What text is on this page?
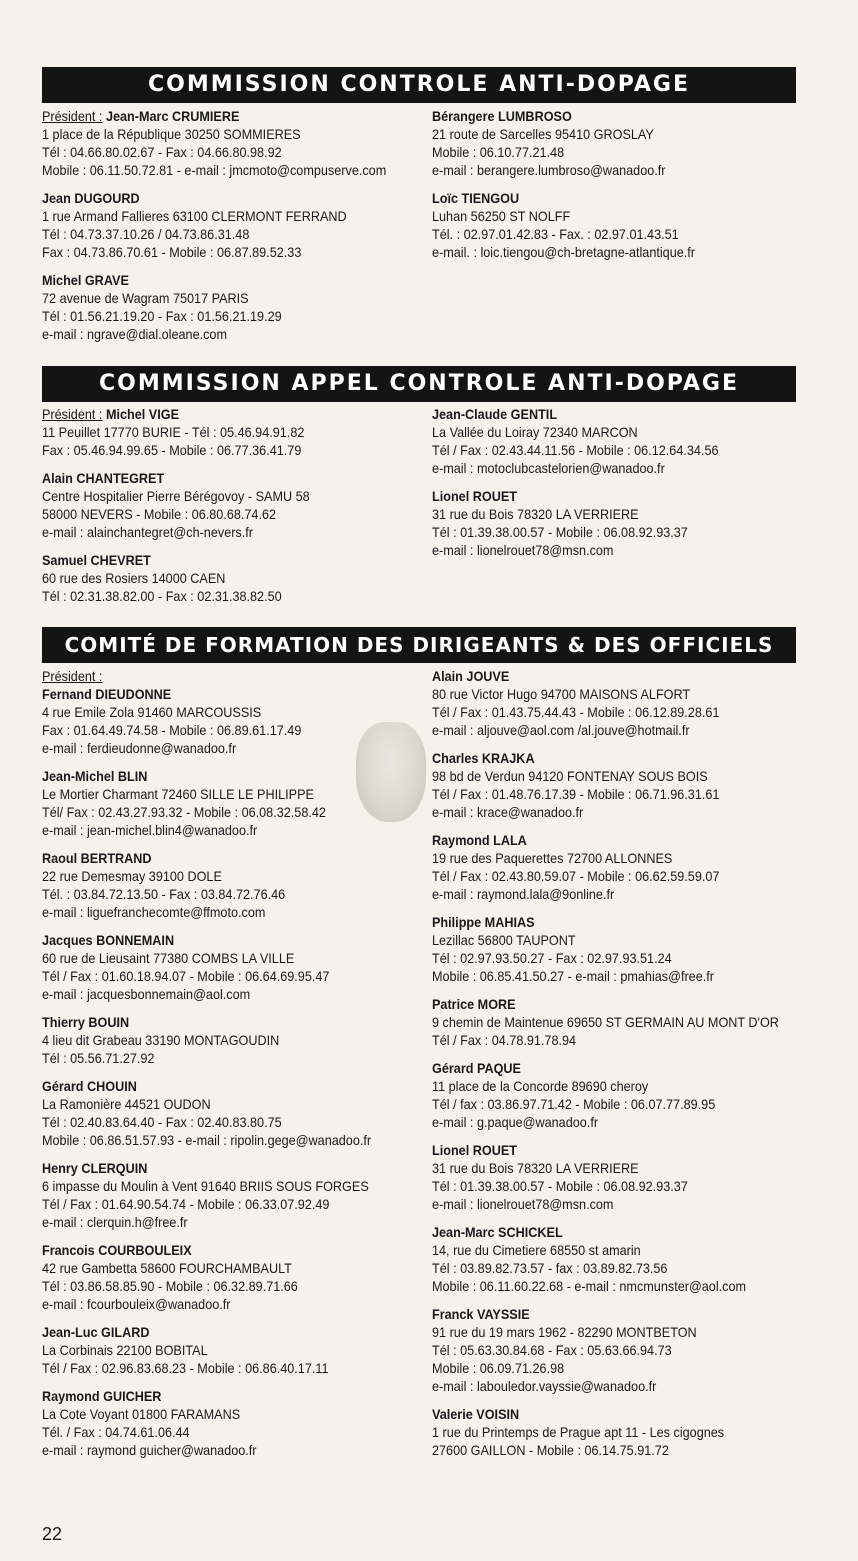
COMMISSION CONTROLE ANTI-DOPAGE
COMMISSION APPEL CONTROLE ANTI-DOPAGE
COMITÉ DE FORMATION DES DIRIGEANTS & DES OFFICIELS
Président : Jean-Marc CRUMIERE
1 place de la République 30250 SOMMIERES
Tél : 04.66.80.02.67 - Fax : 04.66.80.98.92
Mobile : 06.11.50.72.81 - e-mail : jmcmoto@compuserve.com
Jean DUGOURD
1 rue Armand Fallieres 63100 CLERMONT FERRAND
Tél : 04.73.37.10.26 / 04.73.86.31.48
Fax : 04.73.86.70.61 - Mobile : 06.87.89.52.33
Michel GRAVE
72 avenue de Wagram 75017 PARIS
Tél : 01.56.21.19.20 - Fax : 01.56.21.19.29
e-mail : ngrave@dial.oleane.com
Bérangere LUMBROSO
21 route de Sarcelles 95410 GROSLAY
Mobile : 06.10.77.21.48
e-mail : berangere.lumbroso@wanadoo.fr
Loïc TIENGOU
Luhan 56250 ST NOLFF
Tél. : 02.97.01.42.83 - Fax. : 02.97.01.43.51
e-mail. : loic.tiengou@ch-bretagne-atlantique.fr
Président : Michel VIGE
11 Peuillet 17770 BURIE - Tél : 05.46.94.91.82
Fax : 05.46.94.99.65 - Mobile : 06.77.36.41.79
Alain CHANTEGRET
Centre Hospitalier Pierre Bérégovoy - SAMU 58
58000 NEVERS - Mobile : 06.80.68.74.62
e-mail : alainchantegret@ch-nevers.fr
Samuel CHEVRET
60 rue des Rosiers 14000 CAEN
Tél : 02.31.38.82.00 - Fax : 02.31.38.82.50
Jean-Claude GENTIL
La Vallée du Loiray 72340 MARCON
Tél / Fax : 02.43.44.11.56 - Mobile : 06.12.64.34.56
e-mail : motoclubcastelorien@wanadoo.fr
Lionel ROUET
31 rue du Bois 78320 LA VERRIERE
Tél : 01.39.38.00.57 - Mobile : 06.08.92.93.37
e-mail : lionelrouet78@msn.com
Président :
Fernand DIEUDONNE
4 rue Emile Zola 91460 MARCOUSSIS
Fax : 01.64.49.74.58 - Mobile : 06.89.61.17.49
e-mail : ferdieudonne@wanadoo.fr
Jean-Michel BLIN
Le Mortier Charmant 72460 SILLE LE PHILIPPE
Tél/ Fax : 02.43.27.93.32 - Mobile : 06.08.32.58.42
e-mail : jean-michel.blin4@wanadoo.fr
Raoul BERTRAND
22 rue Demesmay 39100 DOLE
Tél. : 03.84.72.13.50 - Fax : 03.84.72.76.46
e-mail : liguefranchecomte@ffmoto.com
Jacques BONNEMAIN
60 rue de Lieusaint 77380 COMBS LA VILLE
Tél / Fax : 01.60.18.94.07 - Mobile : 06.64.69.95.47
e-mail : jacquesbonnemain@aol.com
Thierry BOUIN
4 lieu dit Grabeau 33190 MONTAGOUDIN
Tél : 05.56.71.27.92
Gérard CHOUIN
La Ramonière 44521 OUDON
Tél : 02.40.83.64.40 - Fax : 02.40.83.80.75
Mobile : 06.86.51.57.93 - e-mail : ripolin.gege@wanadoo.fr
Henry CLERQUIN
6 impasse du Moulin à Vent 91640 BRIIS SOUS FORGES
Tél / Fax : 01.64.90.54.74 - Mobile : 06.33.07.92.49
e-mail : clerquin.h@free.fr
Francois COURBOULEIX
42 rue Gambetta 58600 FOURCHAMBAULT
Tél : 03.86.58.85.90 - Mobile : 06.32.89.71.66
e-mail : fcourbouleix@wanadoo.fr
Jean-Luc GILARD
La Corbinais 22100 BOBITAL
Tél / Fax : 02.96.83.68.23 - Mobile : 06.86.40.17.11
Raymond GUICHER
La Cote Voyant 01800 FARAMANS
Tél. / Fax : 04.74.61.06.44
e-mail : raymond guicher@wanadoo.fr
Alain JOUVE
80 rue Victor Hugo 94700 MAISONS ALFORT
Tél / Fax : 01.43.75.44.43 - Mobile : 06.12.89.28.61
e-mail : aljouve@aol.com /al.jouve@hotmail.fr
Charles KRAJKA
98 bd de Verdun 94120 FONTENAY SOUS BOIS
Tél / Fax : 01.48.76.17.39 - Mobile : 06.71.96.31.61
e-mail : krace@wanadoo.fr
Raymond LALA
19 rue des Paquerettes 72700 ALLONNES
Tél / Fax : 02.43.80.59.07 - Mobile : 06.62.59.59.07
e-mail : raymond.lala@9online.fr
Philippe MAHIAS
Lezillac 56800 TAUPONT
Tél : 02.97.93.50.27 - Fax : 02.97.93.51.24
Mobile : 06.85.41.50.27 - e-mail : pmahias@free.fr
Patrice MORE
9 chemin de Maintenue 69650 ST GERMAIN AU MONT D'OR
Tél / Fax : 04.78.91.78.94
Gérard PAQUE
11 place de la Concorde 89690 cheroy
Tél / fax : 03.86.97.71.42 - Mobile : 06.07.77.89.95
e-mail : g.paque@wanadoo.fr
Lionel ROUET
31 rue du Bois 78320 LA VERRIERE
Tél : 01.39.38.00.57 - Mobile : 06.08.92.93.37
e-mail : lionelrouet78@msn.com
Jean-Marc SCHICKEL
14, rue du Cimetiere 68550 st amarin
Tél : 03.89.82.73.57 - fax : 03.89.82.73.56
Mobile : 06.11.60.22.68 - e-mail : nmcmunster@aol.com
Franck VAYSSIE
91 rue du 19 mars 1962 - 82290 MONTBETON
Tél : 05.63.30.84.68 - Fax : 05.63.66.94.73
Mobile : 06.09.71.26.98
e-mail : labouledor.vayssie@wanadoo.fr
Valerie VOISIN
1 rue du Printemps de Prague apt 11 - Les cigognes
27600 GAILLON - Mobile : 06.14.75.91.72
22
